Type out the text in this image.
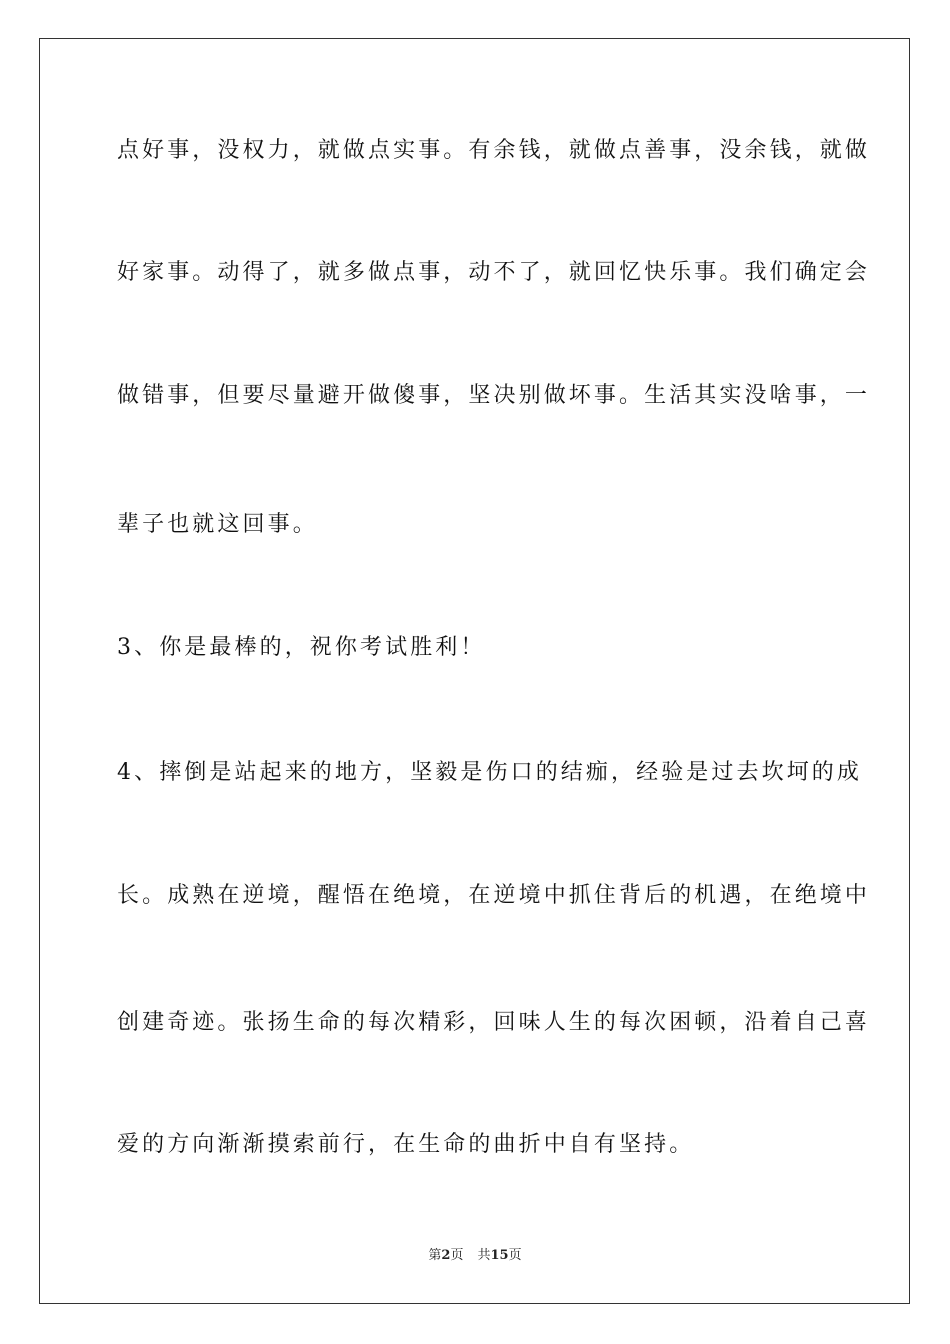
点好事，没权力，就做点实事。有余钱，就做点善事，没余钱，就做
好家事。动得了，就多做点事，动不了，就回忆快乐事。我们确定会
做错事，但要尽量避开做傻事，坚决别做坏事。生活其实没啥事，一
辈子也就这回事。
3、你是最棒的，祝你考试胜利！
4、摔倒是站起来的地方，坚毅是伤口的结痂，经验是过去坎坷的成
长。成熟在逆境，醒悟在绝境，在逆境中抓住背后的机遇，在绝境中
创建奇迹。张扬生命的每次精彩，回味人生的每次困顿，沿着自己喜
爱的方向渐渐摸索前行，在生命的曲折中自有坚持。
第2页 共15页
